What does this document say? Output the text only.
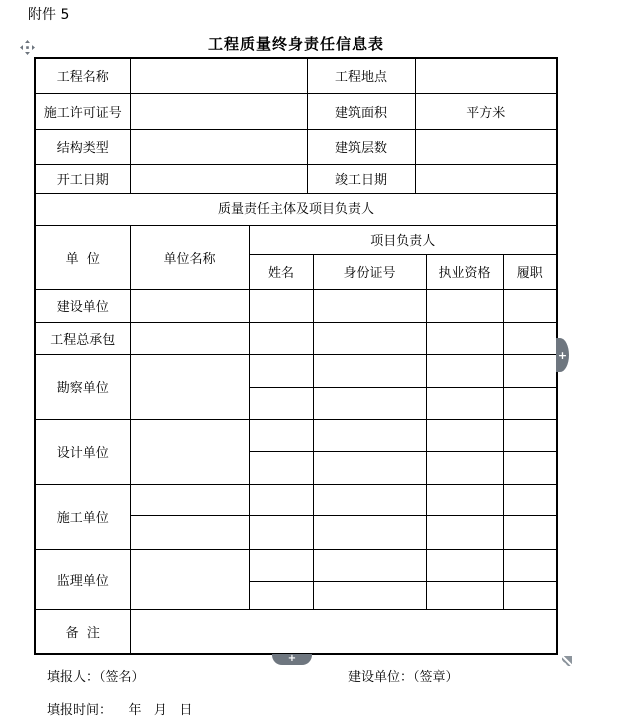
附件 5
工程质量终身责任信息表
工程名称		工程地点	
施工许可证号		建筑面积	平方米
结构类型		建筑层数	
开工日期		竣工日期	
质量责任主体及项目负责人
单  位	单位名称	项目负责人			
		姓名	身份证号	执业资格	履职
建设单位					
工程总承包					
勘察单位					

设计单位					

施工单位					

监理单位					

备  注					
+
+
填报人：（签名）	建设单位：（签章）
填报时间：    年   月   日
